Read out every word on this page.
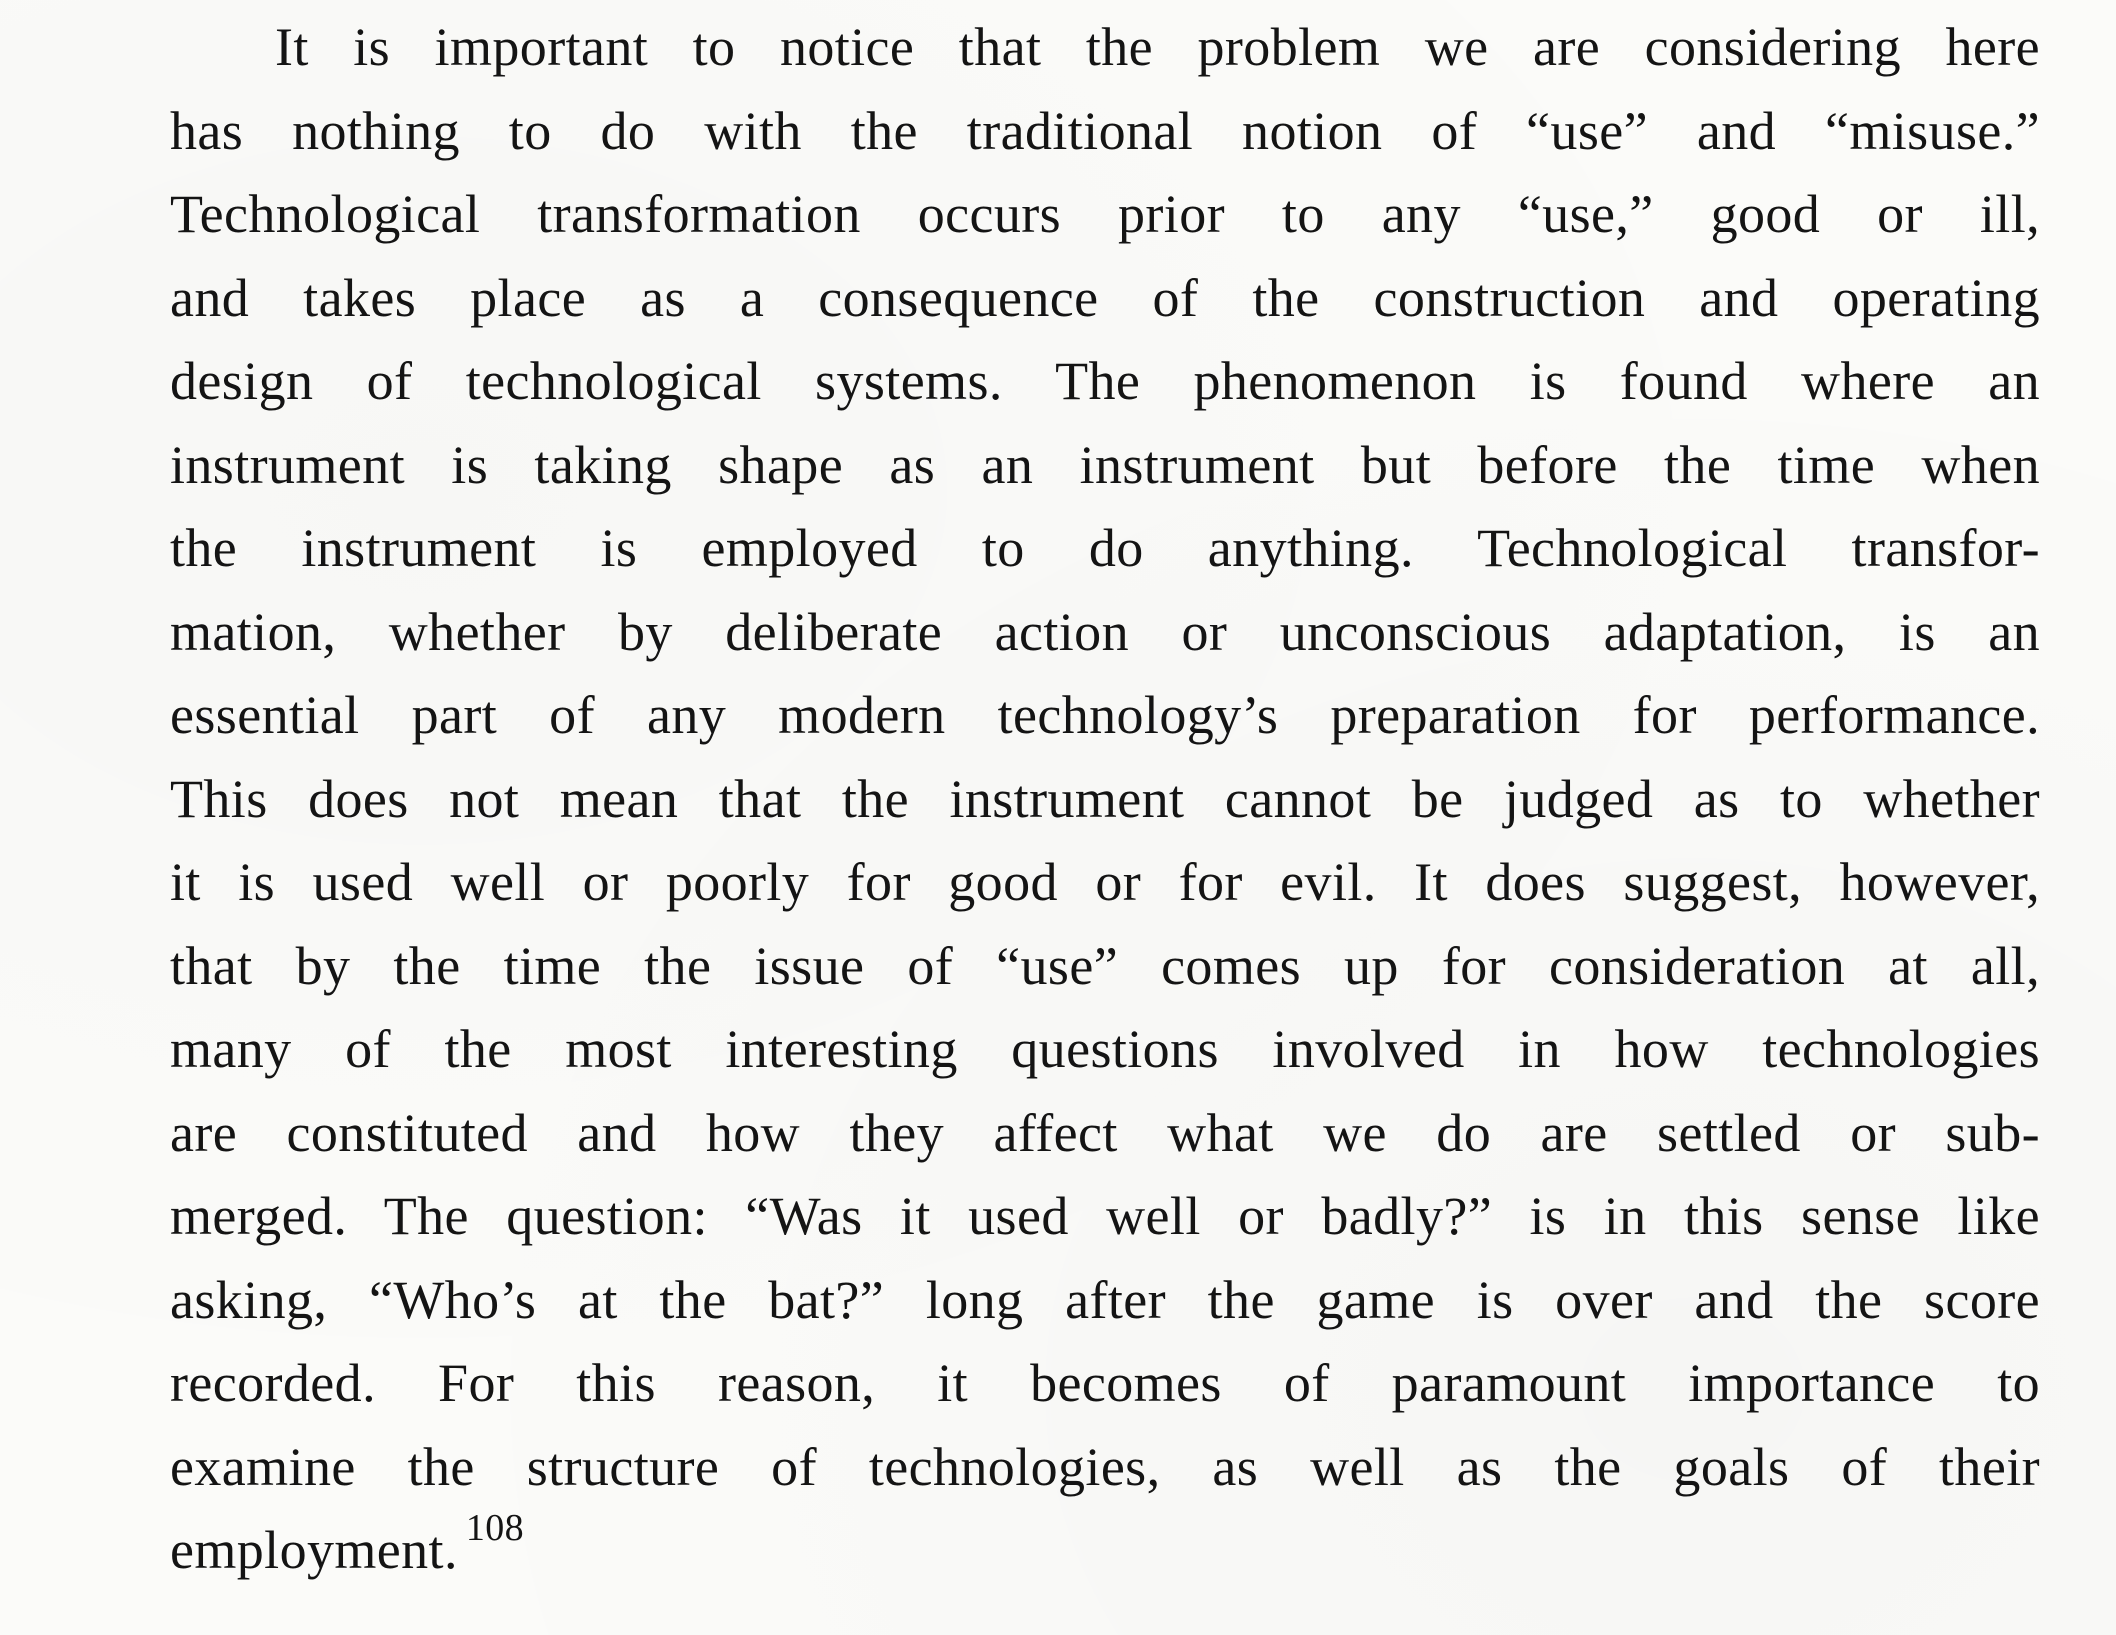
It is important to notice that the problem we are considering here
has nothing to do with the traditional notion of “use” and “misuse.”
Technological transformation occurs prior to any “use,” good or ill,
and takes place as a consequence of the construction and operating
design of technological systems. The phenomenon is found where an
instrument is taking shape as an instrument but before the time when
the instrument is employed to do anything. Technological transfor-
mation, whether by deliberate action or unconscious adaptation, is an
essential part of any modern technology’s preparation for performance.
This does not mean that the instrument cannot be judged as to whether
it is used well or poorly for good or for evil. It does suggest, however,
that by the time the issue of “use” comes up for consideration at all,
many of the most interesting questions involved in how technologies
are constituted and how they affect what we do are settled or sub-
merged. The question: “Was it used well or badly?” is in this sense like
asking, “Who’s at the bat?” long after the game is over and the score
recorded. For this reason, it becomes of paramount importance to
examine the structure of technologies, as well as the goals of their
employment. $^{108}$
